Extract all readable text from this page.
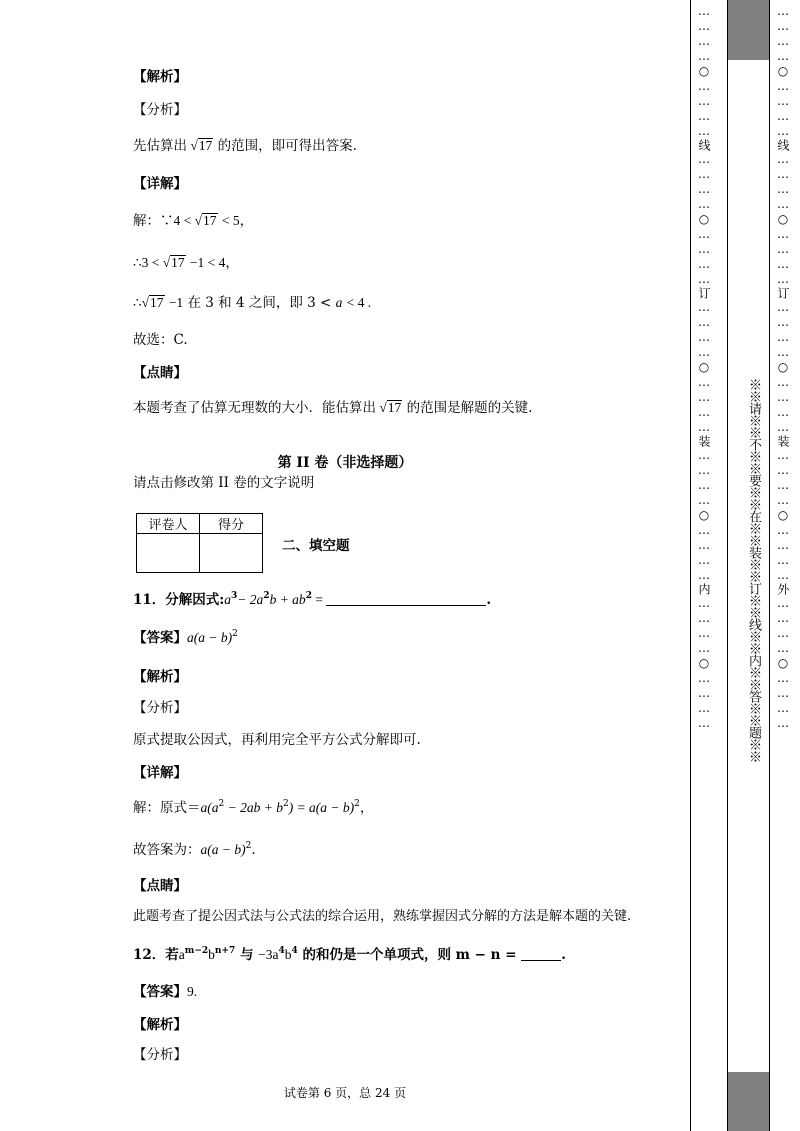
【解析】
【分析】
先估算出 √17 的范围，即可得出答案.
【详解】
解：∵4 < √17 < 5，
∴3 < √17 −1 < 4，
∴√17 −1 在 3 和 4 之间，即 3 < a < 4 .
故选：C.
【点睛】
本题考查了估算无理数的大小．能估算出 √17 的范围是解题的关键.
第 II 卷（非选择题）
请点击修改第 II 卷的文字说明
评卷人	得分

二、填空题
11．分解因式$:a^3- 2a^2b + ab^2$ =	.
【答案】$a(a - b)^2$
【解析】
【分析】
原式提取公因式，再利用完全平方公式分解即可.
【详解】
解：原式$=a(a^2 - 2ab + b^2) = a(a - b)^2$，
故答案为：$a(a - b)^2$.
【点睛】
此题考查了提公因式法与公式法的综合运用，熟练掌握因式分解的方法是解本题的关键.
12．若$a^{m-2}b^{n+7}$ 与 $-3a^4b^4$ 的和仍是一个单项式，则 m − n =	.
【答案】9.
【解析】
【分析】
试卷第 6 页，总 24 页
…………○…………线…………○…………订…………○…………装…………○…………内…………○…………	…………○…………线…………○…………订…………○…………装…………○…………外…………○…………
※※请※※不※※要※※在※※装※※订※※线※※内※※答※※题※※
